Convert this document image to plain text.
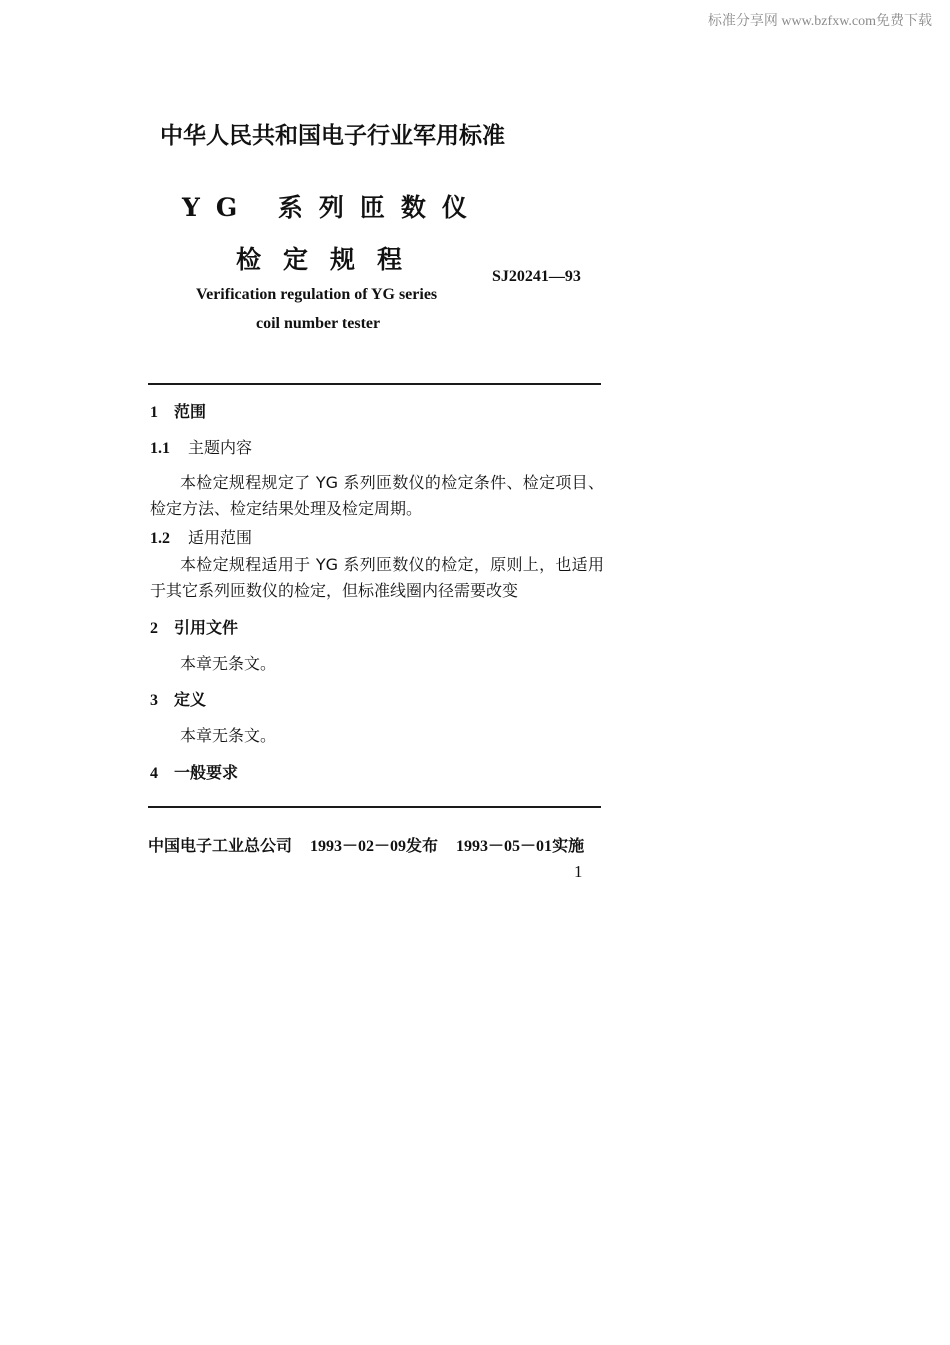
标准分享网 www.bzfxw.com免费下载
中华人民共和国电子行业军用标准
YG 系列匝数仪
检定规程
SJ20241—93
Verification regulation of YG series
coil number tester
1 范围
1.1 主题内容
本检定规程规定了 YG 系列匝数仪的检定条件、检定项目、检定方法、检定结果处理及检定周期。
1.2 适用范围
本检定规程适用于 YG 系列匝数仪的检定，原则上，也适用于其它系列匝数仪的检定，但标准线圈内径需要改变
2 引用文件
本章无条文。
3 定义
本章无条文。
4 一般要求
中国电子工业总公司 1993－02－09发布 1993－05－01实施
1
